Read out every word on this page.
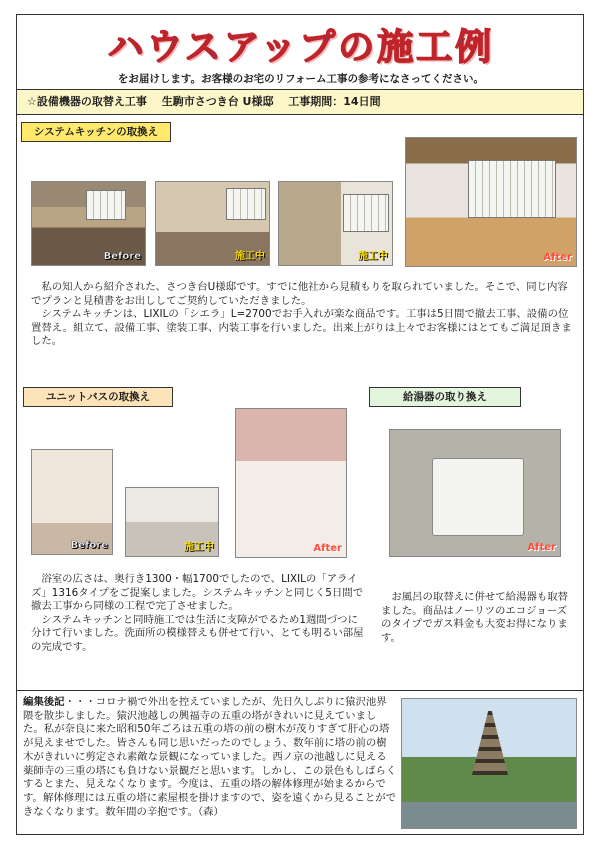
ハウスアップの施工例
をお届けします。お客様のお宅のリフォーム工事の参考になさってください。
☆設備機器の取替え工事　 生駒市さつき台 U様邸　 工事期間：14日間
システムキッチンの取換え
Before	施工中	施工中	After
　私の知人から紹介された、さつき台U様邸です。すでに他社から見積もりを取られていました。そこで、同じ内容でプランと見積書をお出ししてご契約していただきました。
　システムキッチンは、LIXILの「シエラ」L=2700でお手入れが楽な商品です。工事は5日間で撤去工事、設備の位置替え。組立て、設備工事、塗装工事、内装工事を行いました。出来上がりは上々でお客様にはとてもご満足頂きました。
ユニットバスの取換え
Before	施工中	After
　浴室の広さは、奥行き1300・幅1700でしたので、LIXILの「アライズ」1316タイプをご提案しました。システムキッチンと同じく5日間で撤去工事から同様の工程で完了させました。
　システムキッチンと同時施工では生活に支障がでるため1週間づつに分けて行いました。洗面所の模様替えも併せて行い、とても明るい部屋の完成です。
給湯器の取り換え
After
　お風呂の取替えに併せて給湯器も取替ました。商品はノーリツのエコジョーズのタイプでガス料金も大変お得になります。
編集後記・・・コロナ禍で外出を控えていましたが、先日久しぶりに猿沢池界隈を散歩しました。猿沢池越しの興福寺の五重の塔がきれいに見えていました。私が奈良に来た昭和50年ごろは五重の塔の前の樹木が茂りすぎて肝心の塔が見えませでした。皆さんも同じ思いだったのでしょう、数年前に塔の前の樹木がきれいに剪定され素敵な景観になっていました。西ノ京の池越しに見える薬師寺の三重の塔にも負けない景観だと思います。しかし、この景色もしばらくするとまた、見えなくなります。今度は、五重の塔の解体修理が始まるからです。解体修理には五重の塔に素屋根を掛けますので、姿を遠くから見ることができなくなります。数年間の辛抱です。（森）
